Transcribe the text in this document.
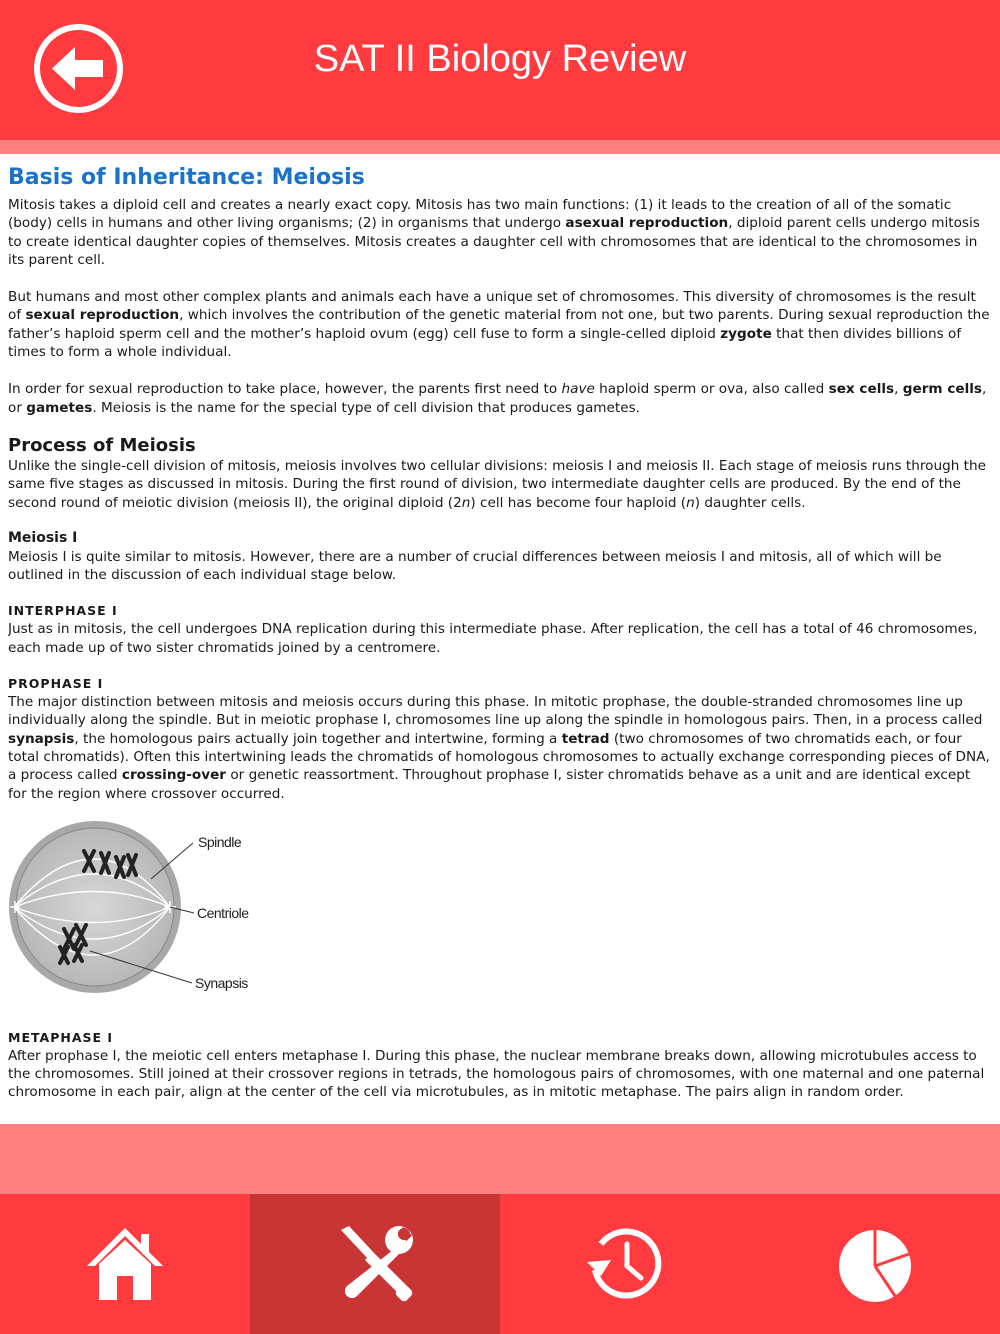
SAT II Biology Review
Basis of Inheritance: Meiosis

Mitosis takes a diploid cell and creates a nearly exact copy. Mitosis has two main functions: (1) it leads to the creation of all of the somatic (body) cells in humans and other living organisms; (2) in organisms that undergo asexual reproduction, diploid parent cells undergo mitosis to create identical daughter copies of themselves. Mitosis creates a daughter cell with chromosomes that are identical to the chromosomes in its parent cell.

But humans and most other complex plants and animals each have a unique set of chromosomes. This diversity of chromosomes is the result of sexual reproduction, which involves the contribution of the genetic material from not one, but two parents. During sexual reproduction the father’s haploid sperm cell and the mother’s haploid ovum (egg) cell fuse to form a single-celled diploid zygote that then divides billions of times to form a whole individual.

In order for sexual reproduction to take place, however, the parents first need to have haploid sperm or ova, also called sex cells, germ cells, or gametes. Meiosis is the name for the special type of cell division that produces gametes.

Process of Meiosis

Unlike the single-cell division of mitosis, meiosis involves two cellular divisions: meiosis I and meiosis II. Each stage of meiosis runs through the same five stages as discussed in mitosis. During the first round of division, two intermediate daughter cells are produced. By the end of the second round of meiotic division (meiosis II), the original diploid (2n) cell has become four haploid (n) daughter cells.

Meiosis I

Meiosis I is quite similar to mitosis. However, there are a number of crucial differences between meiosis I and mitosis, all of which will be outlined in the discussion of each individual stage below.

INTERPHASE I

Just as in mitosis, the cell undergoes DNA replication during this intermediate phase. After replication, the cell has a total of 46 chromosomes, each made up of two sister chromatids joined by a centromere.

PROPHASE I

The major distinction between mitosis and meiosis occurs during this phase. In mitotic prophase, the double-stranded chromosomes line up individually along the spindle. But in meiotic prophase I, chromosomes line up along the spindle in homologous pairs. Then, in a process called synapsis, the homologous pairs actually join together and intertwine, forming a tetrad (two chromosomes of two chromatids each, or four total chromatids). Often this intertwining leads the chromatids of homologous chromosomes to actually exchange corresponding pieces of DNA, a process called crossing-over or genetic reassortment. Throughout prophase I, sister chromatids behave as a unit and are identical except for the region where crossover occurred.

Spindle
Centriole
Synapsis
METAPHASE I

After prophase I, the meiotic cell enters metaphase I. During this phase, the nuclear membrane breaks down, allowing microtubules access to the chromosomes. Still joined at their crossover regions in tetrads, the homologous pairs of chromosomes, with one maternal and one paternal chromosome in each pair, align at the center of the cell via microtubules, as in mitotic metaphase. The pairs align in random order.
